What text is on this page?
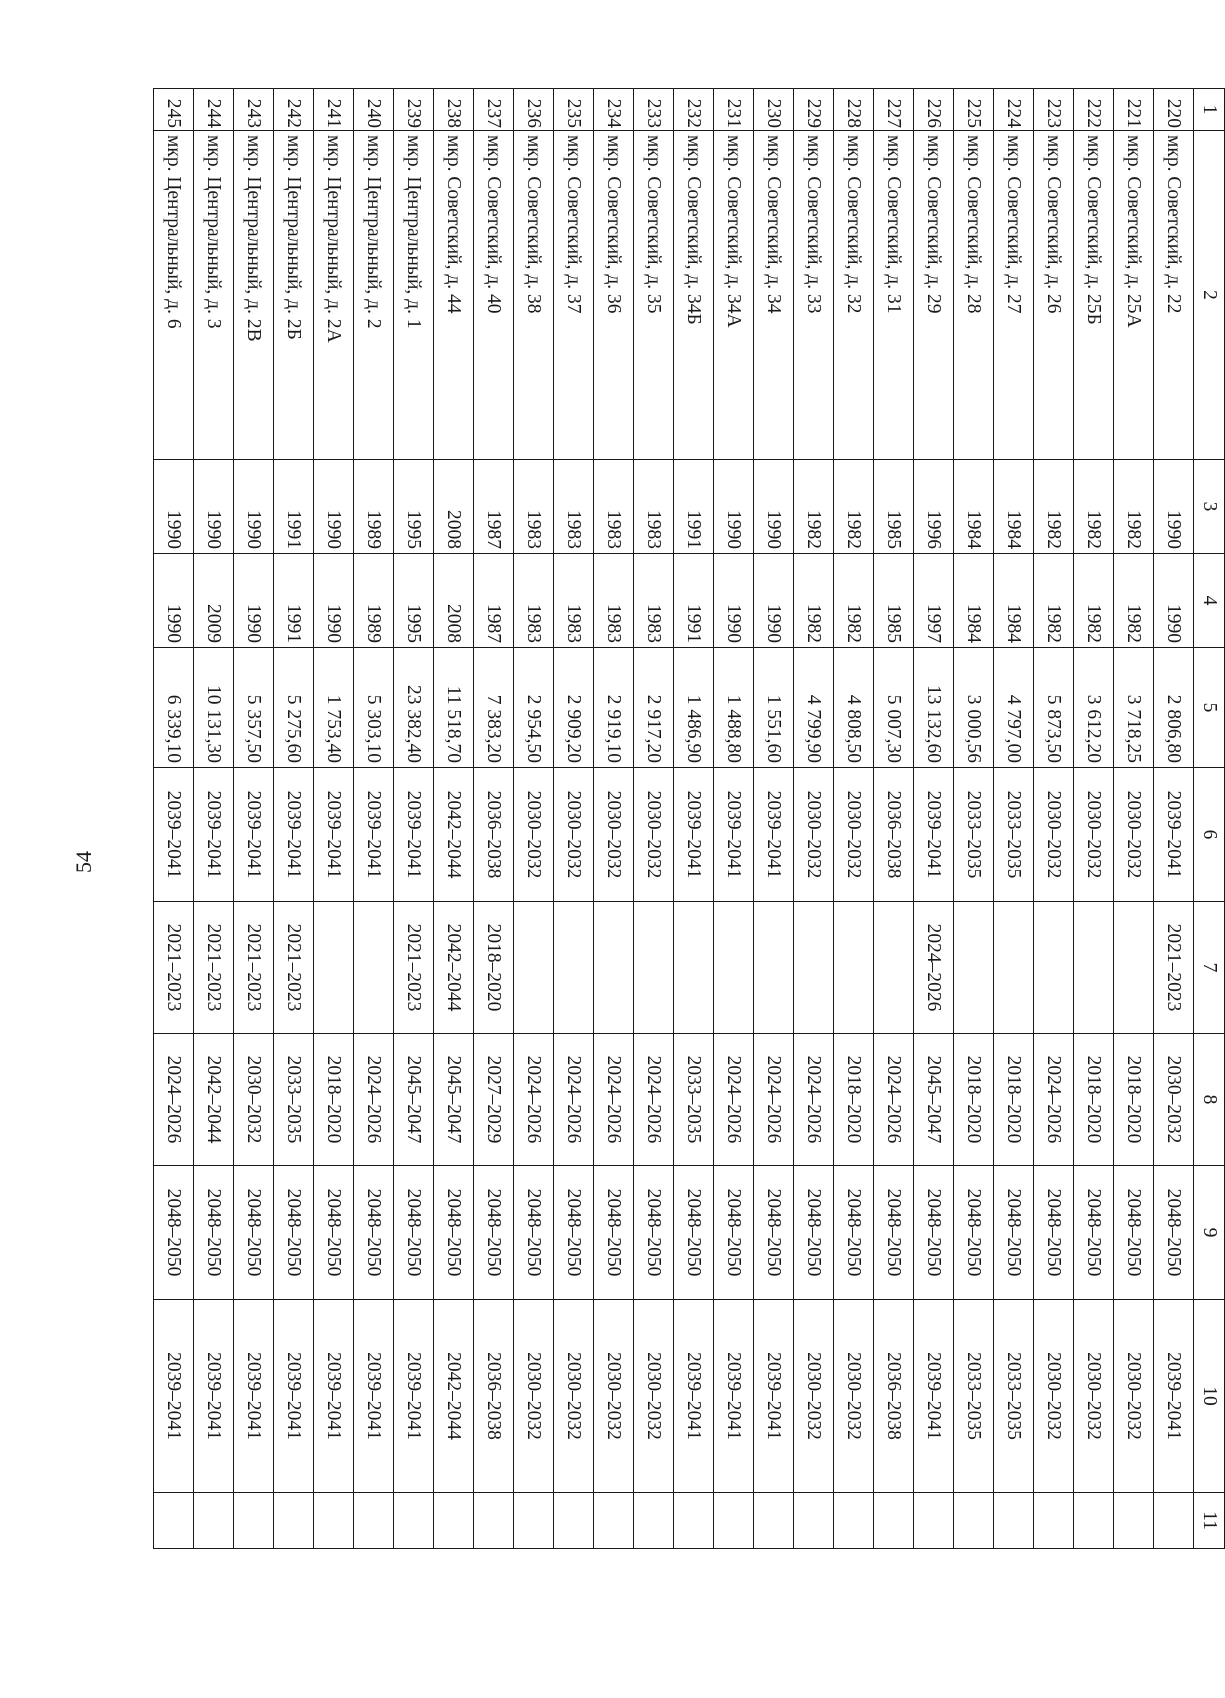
54
1	2	3	4	5	6	7	8	9	10	11
220	мкр. Советский, д. 22	1990	1990	2 806,80	2039–2041	2021–2023	2030–2032	2048–2050	2039–2041	
221	мкр. Советский, д. 25А	1982	1982	3 718,25	2030–2032		2018–2020	2048–2050	2030–2032	
222	мкр. Советский, д. 25Б	1982	1982	3 612,20	2030–2032		2018–2020	2048–2050	2030–2032	
223	мкр. Советский, д. 26	1982	1982	5 873,50	2030–2032		2024–2026	2048–2050	2030–2032	
224	мкр. Советский, д. 27	1984	1984	4 797,00	2033–2035		2018–2020	2048–2050	2033–2035	
225	мкр. Советский, д. 28	1984	1984	3 000,56	2033–2035		2018–2020	2048–2050	2033–2035	
226	мкр. Советский, д. 29	1996	1997	13 132,60	2039–2041	2024–2026	2045–2047	2048–2050	2039–2041	
227	мкр. Советский, д. 31	1985	1985	5 007,30	2036–2038		2024–2026	2048–2050	2036–2038	
228	мкр. Советский, д. 32	1982	1982	4 808,50	2030–2032		2018–2020	2048–2050	2030–2032	
229	мкр. Советский, д. 33	1982	1982	4 799,90	2030–2032		2024–2026	2048–2050	2030–2032	
230	мкр. Советский, д. 34	1990	1990	1 551,60	2039–2041		2024–2026	2048–2050	2039–2041	
231	мкр. Советский, д. 34А	1990	1990	1 488,80	2039–2041		2024–2026	2048–2050	2039–2041	
232	мкр. Советский, д. 34Б	1991	1991	1 486,90	2039–2041		2033–2035	2048–2050	2039–2041	
233	мкр. Советский, д. 35	1983	1983	2 917,20	2030–2032		2024–2026	2048–2050	2030–2032	
234	мкр. Советский, д. 36	1983	1983	2 919,10	2030–2032		2024–2026	2048–2050	2030–2032	
235	мкр. Советский, д. 37	1983	1983	2 909,20	2030–2032		2024–2026	2048–2050	2030–2032	
236	мкр. Советский, д. 38	1983	1983	2 954,50	2030–2032		2024–2026	2048–2050	2030–2032	
237	мкр. Советский, д. 40	1987	1987	7 383,20	2036–2038	2018–2020	2027–2029	2048–2050	2036–2038	
238	мкр. Советский, д. 44	2008	2008	11 518,70	2042–2044	2042–2044	2045–2047	2048–2050	2042–2044	
239	мкр. Центральный, д. 1	1995	1995	23 382,40	2039–2041	2021–2023	2045–2047	2048–2050	2039–2041	
240	мкр. Центральный, д. 2	1989	1989	5 303,10	2039–2041		2024–2026	2048–2050	2039–2041	
241	мкр. Центральный, д. 2А	1990	1990	1 753,40	2039–2041		2018–2020	2048–2050	2039–2041	
242	мкр. Центральный, д. 2Б	1991	1991	5 275,60	2039–2041	2021–2023	2033–2035	2048–2050	2039–2041	
243	мкр. Центральный, д. 2В	1990	1990	5 357,50	2039–2041	2021–2023	2030–2032	2048–2050	2039–2041	
244	мкр. Центральный, д. 3	1990	2009	10 131,30	2039–2041	2021–2023	2042–2044	2048–2050	2039–2041	
245	мкр. Центральный, д. 6	1990	1990	6 339,10	2039–2041	2021–2023	2024–2026	2048–2050	2039–2041	
